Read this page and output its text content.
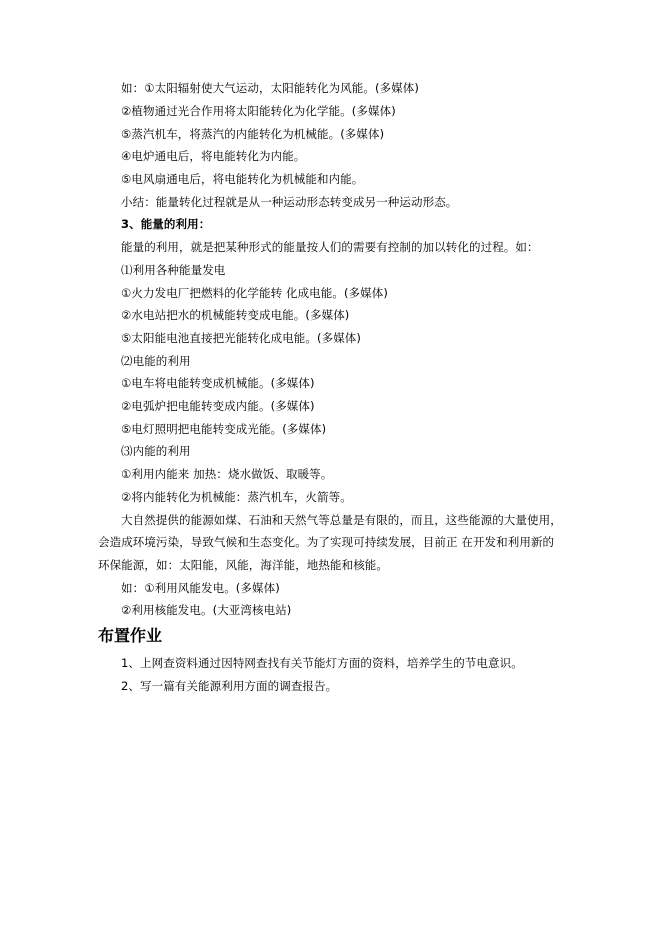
如：①太阳辐射使大气运动，太阳能转化为风能。(多媒体)
②植物通过光合作用将太阳能转化为化学能。(多媒体)
⑤蒸汽机车，将蒸汽的内能转化为机械能。(多媒体)
④电炉通电后，将电能转化为内能。
⑤电风扇通电后，将电能转化为机械能和内能。
小结：能量转化过程就是从一种运动形态转变成另一种运动形态。
3、能量的利用：
能量的利用，就是把某种形式的能量按人们的需要有控制的加以转化的过程。如：
⑴利用各种能量发电
①火力发电厂把燃料的化学能转 化成电能。(多媒体)
②水电站把水的机械能转变成电能。(多媒体)
⑤太阳能电池直接把光能转化成电能。(多媒体)
⑵电能的利用
①电车将电能转变成机械能。(多媒体)
②电弧炉把电能转变成内能。(多媒体)
⑤电灯照明把电能转变成光能。(多媒体)
⑶内能的利用
①利用内能来 加热：烧水做饭、取暖等。
②将内能转化为机械能：蒸汽机车，火箭等。
大自然提供的能源如煤、石油和天然气等总量是有限的，而且，这些能源的大量使用，
会造成环境污染，导致气候和生态变化。为了实现可持续发展，目前正 在开发和利用新的
环保能源，如：太阳能，风能，海洋能，地热能和核能。
如：①利用风能发电。(多媒体)
②利用核能发电。(大亚湾核电站)
布置作业
1、上网查资料通过因特网查找有关节能灯方面的资料，培养学生的节电意识。
2、写一篇有关能源利用方面的调查报告。
